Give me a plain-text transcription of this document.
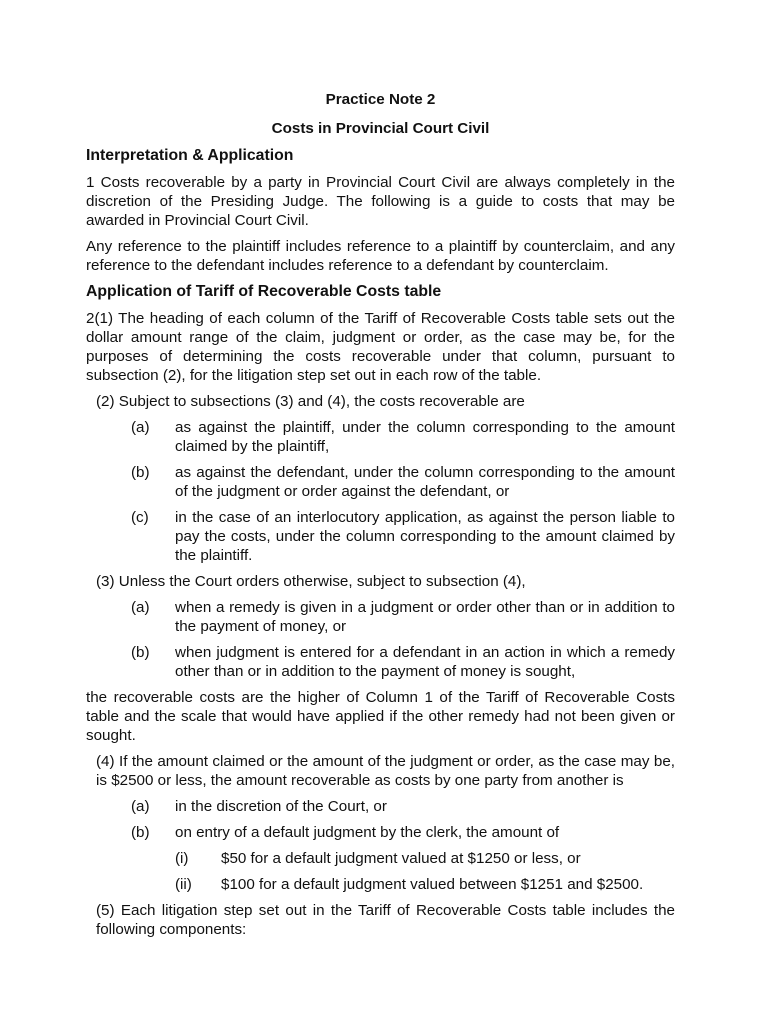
Practice Note 2
Costs in Provincial Court Civil
Interpretation & Application

1 Costs recoverable by a party in Provincial Court Civil are always completely in the discretion of the Presiding Judge. The following is a guide to costs that may be awarded in Provincial Court Civil.

Any reference to the plaintiff includes reference to a plaintiff by counterclaim, and any reference to the defendant includes reference to a defendant by counterclaim.

Application of Tariff of Recoverable Costs table

2(1) The heading of each column of the Tariff of Recoverable Costs table sets out the dollar amount range of the claim, judgment or order, as the case may be, for the purposes of determining the costs recoverable under that column, pursuant to subsection (2), for the litigation step set out in each row of the table.

(2) Subject to subsections (3) and (4), the costs recoverable are
(a)	as against the plaintiff, under the column corresponding to the amount claimed by the plaintiff,
(b)	as against the defendant, under the column corresponding to the amount of the judgment or order against the defendant, or
(c)	in the case of an interlocutory application, as against the person liable to pay the costs, under the column corresponding to the amount claimed by the plaintiff.
(3) Unless the Court orders otherwise, subject to subsection (4),
(a)	when a remedy is given in a judgment or order other than or in addition to the payment of money, or
(b)	when judgment is entered for a defendant in an action in which a remedy other than or in addition to the payment of money is sought,

the recoverable costs are the higher of Column 1 of the Tariff of Recoverable Costs table and the scale that would have applied if the other remedy had not been given or sought.

(4) If the amount claimed or the amount of the judgment or order, as the case may be, is $2500 or less, the amount recoverable as costs by one party from another is
(a)	in the discretion of the Court, or
(b)	on entry of a default judgment by the clerk, the amount of
(i)	$50 for a default judgment valued at $1250 or less, or
(ii)	$100 for a default judgment valued between $1251 and $2500.
(5) Each litigation step set out in the Tariff of Recoverable Costs table includes the following components:
